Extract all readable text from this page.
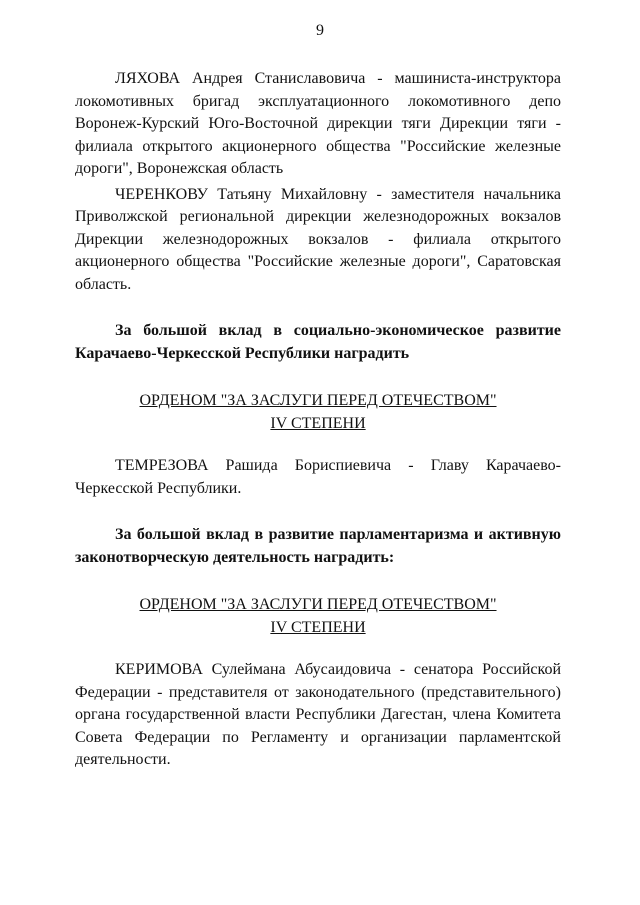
9

ЛЯХОВА Андрея Станиславовича - машиниста-инструктора локомотивных бригад эксплуатационного локомотивного депо Воронеж-Курский Юго-Восточной дирекции тяги Дирекции тяги - филиала открытого акционерного общества "Российские железные дороги", Воронежская область

ЧЕРЕНКОВУ Татьяну Михайловну - заместителя начальника Приволжской региональной дирекции железнодорожных вокзалов Дирекции железнодорожных вокзалов - филиала открытого акционерного общества "Российские железные дороги", Саратовская область.

За большой вклад в социально-экономическое развитие Карачаево-Черкесской Республики наградить

ОРДЕНОМ "ЗА ЗАСЛУГИ ПЕРЕД ОТЕЧЕСТВОМ"
IV СТЕПЕНИ

ТЕМРЕЗОВА Рашида Бориспиевича - Главу Карачаево-Черкесской Республики.

За большой вклад в развитие парламентаризма и активную законотворческую деятельность наградить:

ОРДЕНОМ "ЗА ЗАСЛУГИ ПЕРЕД ОТЕЧЕСТВОМ"
IV СТЕПЕНИ

КЕРИМОВА Сулеймана Абусаидовича - сенатора Российской Федерации - представителя от законодательного (представительного) органа государственной власти Республики Дагестан, члена Комитета Совета Федерации по Регламенту и организации парламентской деятельности.
